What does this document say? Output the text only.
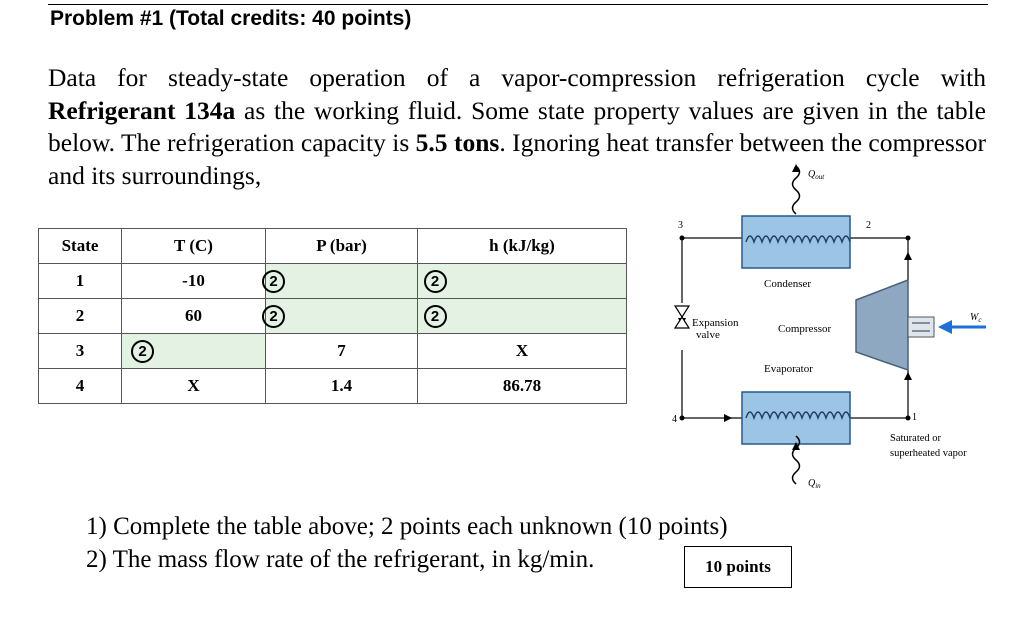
Problem #1 (Total credits: 40 points)
Data for steady-state operation of a vapor-compression refrigeration cycle with Refrigerant 134a as the working fluid. Some state property values are given in the table below. The refrigeration capacity is 5.5 tons. Ignoring heat transfer between the compressor and its surroundings,
State	T (C)	P (bar)	h (kJ/kg)
1	-10	2	2
2	60	2	2
3	2	7	X
4	X	1.4	86.78
Condenser
Evaporator
Expansion
valve	Compressor
$W_c$
$Q_{out}$
$Q_{in}$
3	2
4	1
Saturated or
superheated vapor
1) Complete the table above; 2 points each unknown (10 points)
2) The mass flow rate of the refrigerant, in kg/min.	10 points
